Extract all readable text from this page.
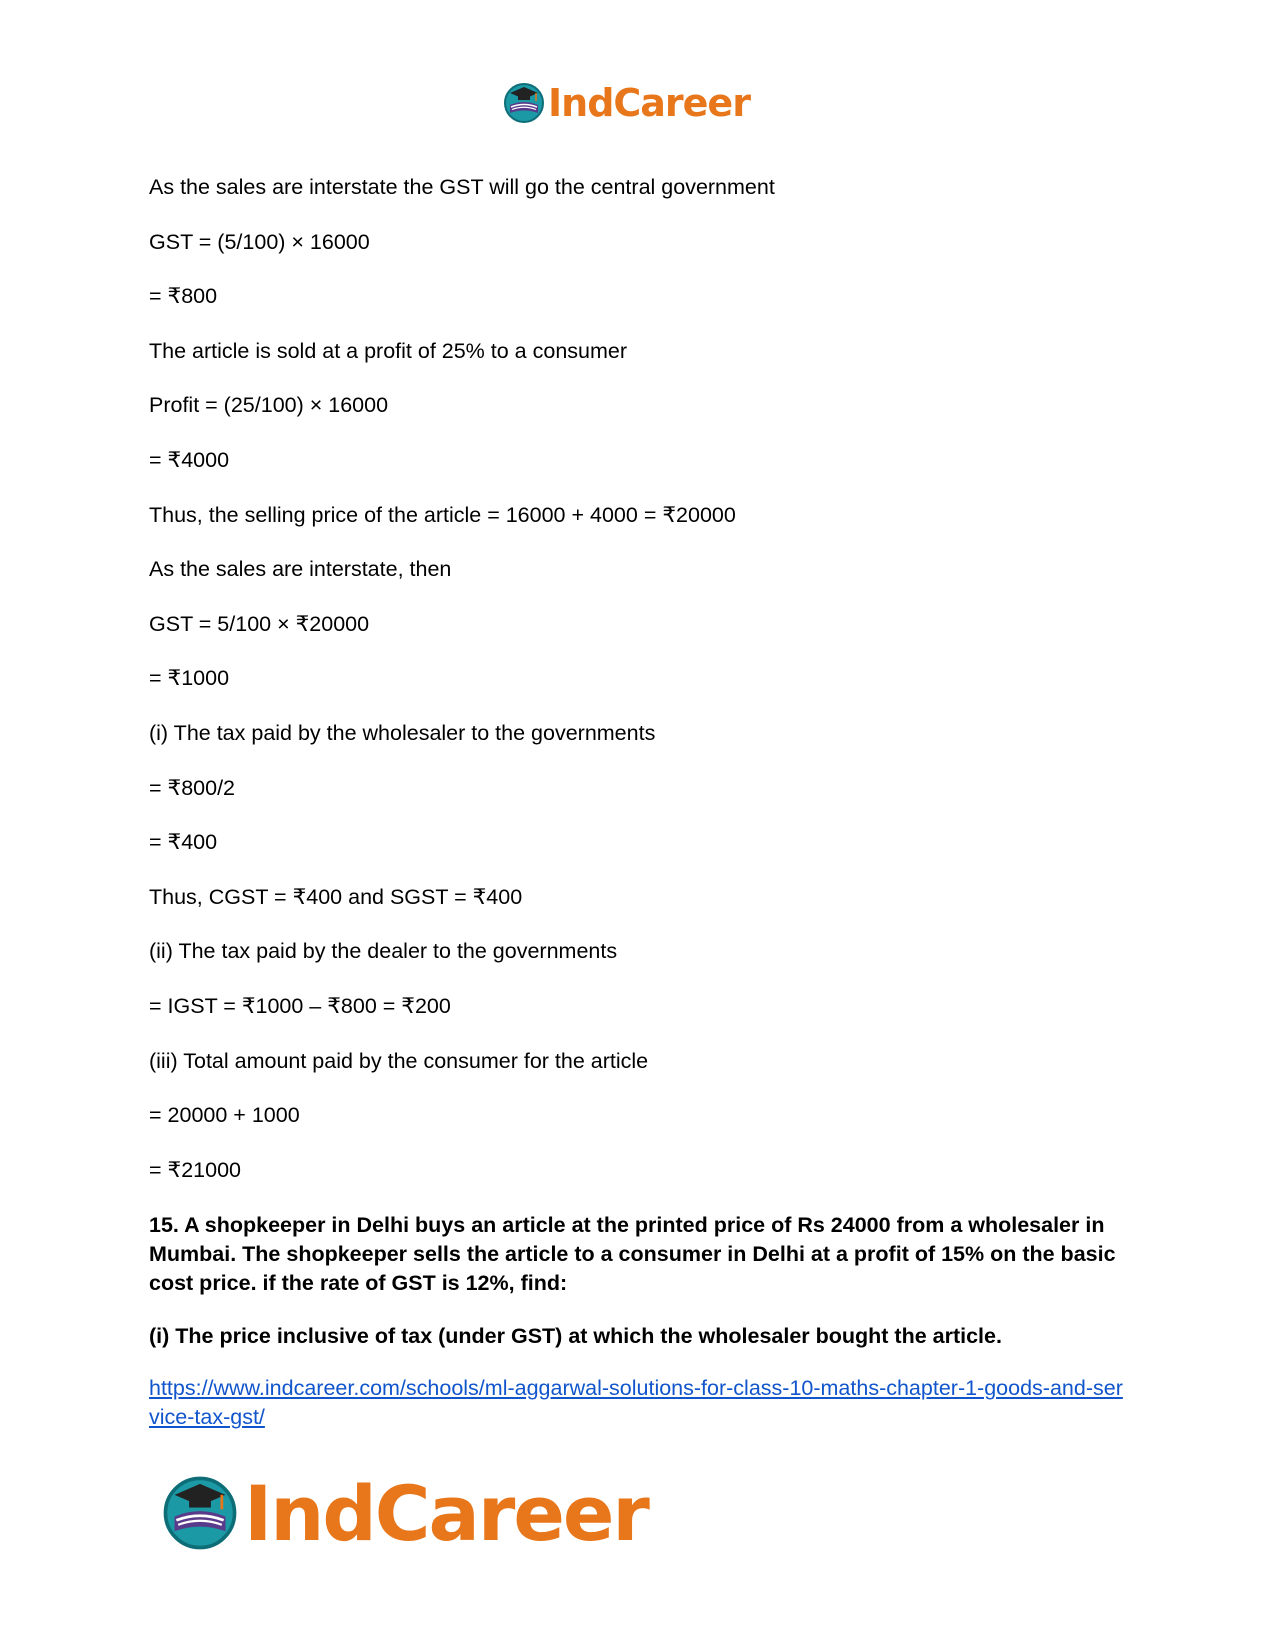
IndCareer
As the sales are interstate the GST will go the central government
GST = (5/100) × 16000
= ₹800
The article is sold at a profit of 25% to a consumer
Profit = (25/100) × 16000
= ₹4000
Thus, the selling price of the article = 16000 + 4000 = ₹20000
As the sales are interstate, then
GST = 5/100 × ₹20000
= ₹1000
(i) The tax paid by the wholesaler to the governments
= ₹800/2
= ₹400
Thus, CGST = ₹400 and SGST = ₹400
(ii) The tax paid by the dealer to the governments
= IGST = ₹1000 – ₹800 = ₹200
(iii) Total amount paid by the consumer for the article
= 20000 + 1000
= ₹21000
15. A shopkeeper in Delhi buys an article at the printed price of Rs 24000 from a wholesaler in Mumbai. The shopkeeper sells the article to a consumer in Delhi at a profit of 15% on the basic cost price. if the rate of GST is 12%, find:
(i) The price inclusive of tax (under GST) at which the wholesaler bought the article.
https://www.indcareer.com/schools/ml-aggarwal-solutions-for-class-10-maths-chapter-1-goods-and-service-tax-gst/
IndCareer
